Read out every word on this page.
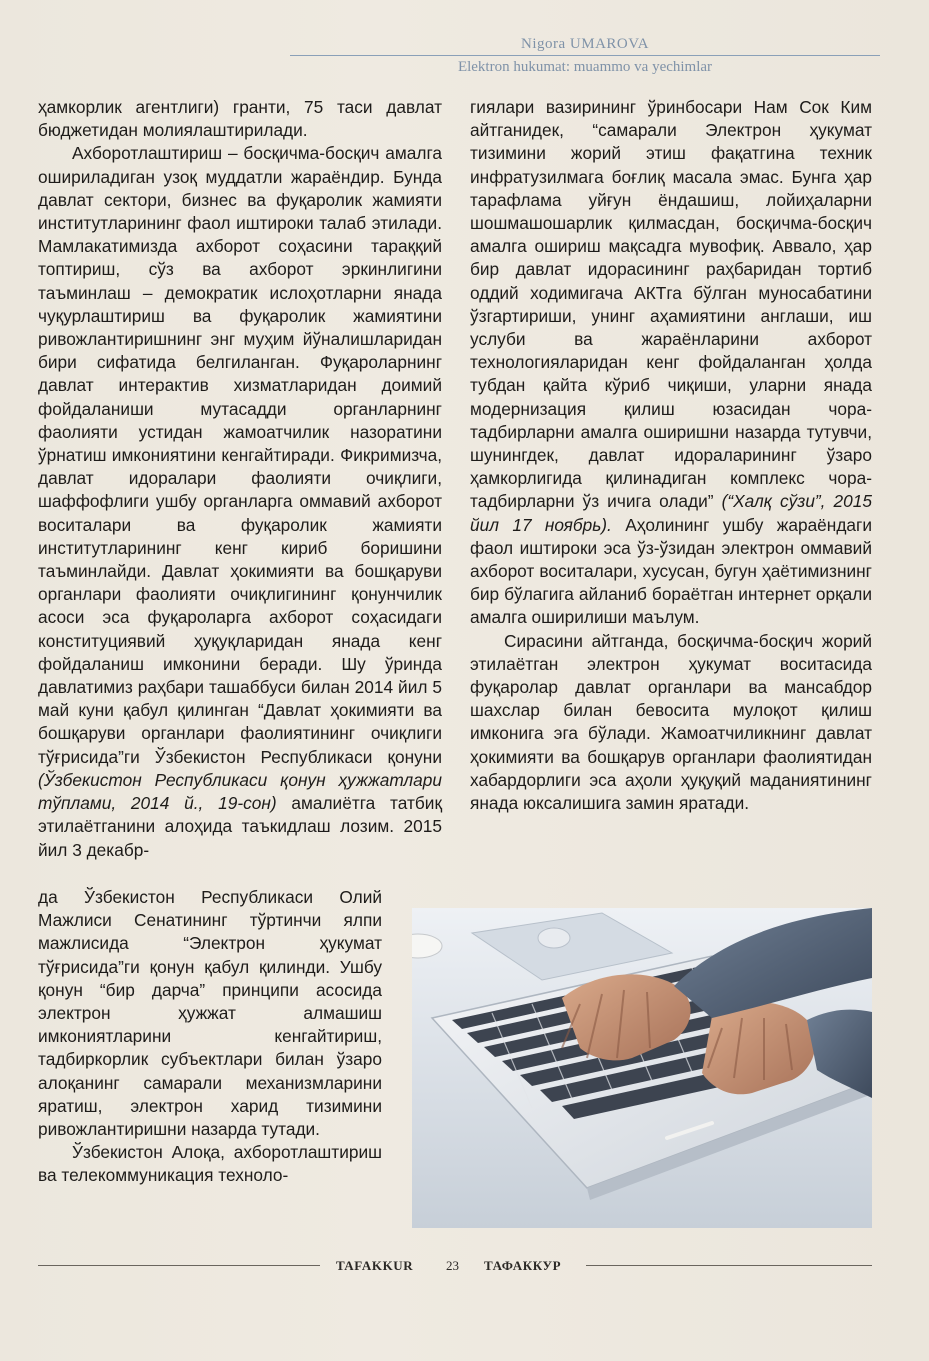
Nigora UMAROVA
Elektron hukumat: muammo va yechimlar

ҳамкорлик агентлиги) гранти, 75 таси давлат бюджетидан молиялаштирилади.

Ахборотлаштириш – босқичма-босқич амалга ошириладиган узоқ муддатли жараёндир. Бунда давлат сектори, бизнес ва фуқаролик жамияти институтларининг фаол иштироки талаб этилади. Мамлакатимизда ахборот соҳасини тараққий топтириш, сўз ва ахборот эркинлигини таъминлаш – демократик ислоҳотларни янада чуқурлаштириш ва фуқаролик жамиятини ривожлантиришнинг энг муҳим йўналишларидан бири сифатида белгиланган. Фуқароларнинг давлат интерактив хизматларидан доимий фойдаланиши мутасадди органларнинг фаолияти устидан жамоатчилик назоратини ўрнатиш имкониятини кенгайтиради. Фикримизча, давлат идоралари фаолияти очиқлиги, шаффофлиги ушбу органларга оммавий ахборот воситалари ва фуқаролик жамияти институтларининг кенг кириб боришини таъминлайди. Давлат ҳокимияти ва бошқаруви органлари фаолияти очиқлигининг қонунчилик асоси эса фуқароларга ахборот соҳасидаги конституциявий ҳуқуқларидан янада кенг фойдаланиш имконини беради. Шу ўринда давлатимиз раҳбари ташаббуси билан 2014 йил 5 май куни қабул қилинган “Давлат ҳокимияти ва бошқаруви органлари фаолиятининг очиқлиги тўғрисида”ги Ўзбекистон Республикаси қонуни (Ўзбекистон Республикаси қонун ҳужжатлари тўплами, 2014 й., 19-сон) амалиётга татбиқ этилаётганини алоҳида таъкидлаш лозим. 2015 йил 3 декабр-

да Ўзбекистон Республикаси Олий Мажлиси Сенатининг тўртинчи ялпи мажлисида “Электрон ҳукумат тўғрисида”ги қонун қабул қилинди. Ушбу қонун “бир дарча” принципи асосида электрон ҳужжат алмашиш имкониятларини кенгайтириш, тадбиркорлик субъектлари билан ўзаро алоқанинг самарали механизмларини яратиш, электрон харид тизимини ривожлантиришни назарда тутади.

Ўзбекистон Алоқа, ахборотлаштириш ва телекоммуникация техноло-

гиялари вазирининг ўринбосари Нам Сок Ким айтганидек, “самарали Электрон ҳукумат тизимини жорий этиш фақатгина техник инфратузилмага боғлиқ масала эмас. Бунга ҳар тарафлама уйғун ёндашиш, лойиҳаларни шошмашошарлик қилмасдан, босқичма-босқич амалга ошириш мақсадга мувофиқ. Аввало, ҳар бир давлат идорасининг раҳбаридан тортиб оддий ходимигача АКТга бўлган муносабатини ўзгартириши, унинг аҳамиятини англаши, иш услуби ва жараёнларини ахборот технологияларидан кенг фойдаланган ҳолда тубдан қайта кўриб чиқиши, уларни янада модернизация қилиш юзасидан чора-тадбирларни амалга оширишни назарда тутувчи, шунингдек, давлат идораларининг ўзаро ҳамкорлигида қилинадиган комплекс чора-тадбирларни ўз ичига олади” (“Халқ сўзи”, 2015 йил 17 ноябрь). Аҳолининг ушбу жараёндаги фаол иштироки эса ўз-ўзидан электрон оммавий ахборот воситалари, хусусан, бугун ҳаётимизнинг бир бўлагига айланиб бораётган интернет орқали амалга оширилиши маълум.

Сирасини айтганда, босқичма-босқич жорий этилаётган электрон ҳукумат воситасида фуқаролар давлат органлари ва мансабдор шахслар билан бевосита мулоқот қилиш имконига эга бўлади. Жамоатчиликнинг давлат ҳокимияти ва бошқарув органлари фаолиятидан хабардорлиги эса аҳоли ҳуқуқий маданиятининг янада юксалишига замин яратади.

TAFAKKUR	23 ТАФАККУР
